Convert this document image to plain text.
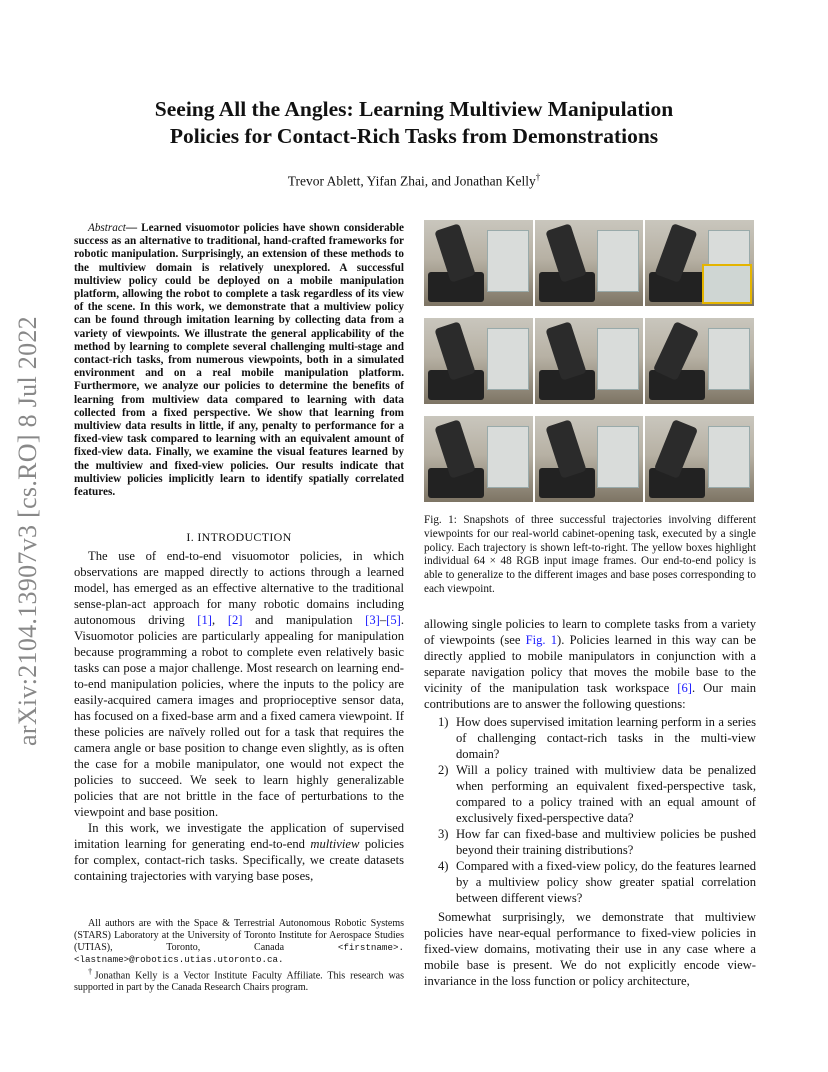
arXiv:2104.13907v3 [cs.RO] 8 Jul 2022
Seeing All the Angles: Learning Multiview Manipulation
Policies for Contact-Rich Tasks from Demonstrations
Trevor Ablett, Yifan Zhai, and Jonathan Kelly†
Abstract— Learned visuomotor policies have shown considerable success as an alternative to traditional, hand-crafted frameworks for robotic manipulation. Surprisingly, an extension of these methods to the multiview domain is relatively unexplored. A successful multiview policy could be deployed on a mobile manipulation platform, allowing the robot to complete a task regardless of its view of the scene. In this work, we demonstrate that a multiview policy can be found through imitation learning by collecting data from a variety of viewpoints. We illustrate the general applicability of the method by learning to complete several challenging multi-stage and contact-rich tasks, from numerous viewpoints, both in a simulated environment and on a real mobile manipulation platform. Furthermore, we analyze our policies to determine the benefits of learning from multiview data compared to learning with data collected from a fixed perspective. We show that learning from multiview data results in little, if any, penalty to performance for a fixed-view task compared to learning with an equivalent amount of fixed-view data. Finally, we examine the visual features learned by the multiview and fixed-view policies. Our results indicate that multiview policies implicitly learn to identify spatially correlated features.
I. INTRODUCTION

The use of end-to-end visuomotor policies, in which observations are mapped directly to actions through a learned model, has emerged as an effective alternative to the traditional sense-plan-act approach for many robotic domains including autonomous driving [1], [2] and manipulation [3]–[5]. Visuomotor policies are particularly appealing for manipulation because programming a robot to complete even relatively basic tasks can pose a major challenge. Most research on learning end-to-end manipulation policies, where the inputs to the policy are easily-acquired camera images and proprioceptive sensor data, has focused on a fixed-base arm and a fixed camera viewpoint. If these policies are naïvely rolled out for a task that requires the camera angle or base position to change even slightly, as is often the case for a mobile manipulator, one would not expect the policies to succeed. We seek to learn highly generalizable policies that are not brittle in the face of perturbations to the viewpoint and base position.

In this work, we investigate the application of supervised imitation learning for generating end-to-end multiview policies for complex, contact-rich tasks. Specifically, we create datasets containing trajectories with varying base poses,

All authors are with the Space & Terrestrial Autonomous Robotic Systems (STARS) Laboratory at the University of Toronto Institute for Aerospace Studies (UTIAS), Toronto, Canada <firstname>.<lastname>@robotics.utias.utoronto.ca.
†Jonathan Kelly is a Vector Institute Faculty Affiliate. This research was supported in part by the Canada Research Chairs program.
Fig. 1: Snapshots of three successful trajectories involving different viewpoints for our real-world cabinet-opening task, executed by a single policy. Each trajectory is shown left-to-right. The yellow boxes highlight individual 64 × 48 RGB input image frames. Our end-to-end policy is able to generalize to the different images and base poses corresponding to each viewpoint.

allowing single policies to learn to complete tasks from a variety of viewpoints (see Fig. 1). Policies learned in this way can be directly applied to mobile manipulators in conjunction with a separate navigation policy that moves the mobile base to the vicinity of the manipulation task workspace [6]. Our main contributions are to answer the following questions:

1) How does supervised imitation learning perform in a series of challenging contact-rich tasks in the multi-view domain?
2) Will a policy trained with multiview data be penalized when performing an equivalent fixed-perspective task, compared to a policy trained with an equal amount of exclusively fixed-perspective data?
3) How far can fixed-base and multiview policies be pushed beyond their training distributions?
4) Compared with a fixed-view policy, do the features learned by a multiview policy show greater spatial correlation between different views?

Somewhat surprisingly, we demonstrate that multiview policies have near-equal performance to fixed-view policies in fixed-view domains, motivating their use in any case where a mobile base is present. We do not explicitly encode view-invariance in the loss function or policy architecture,
